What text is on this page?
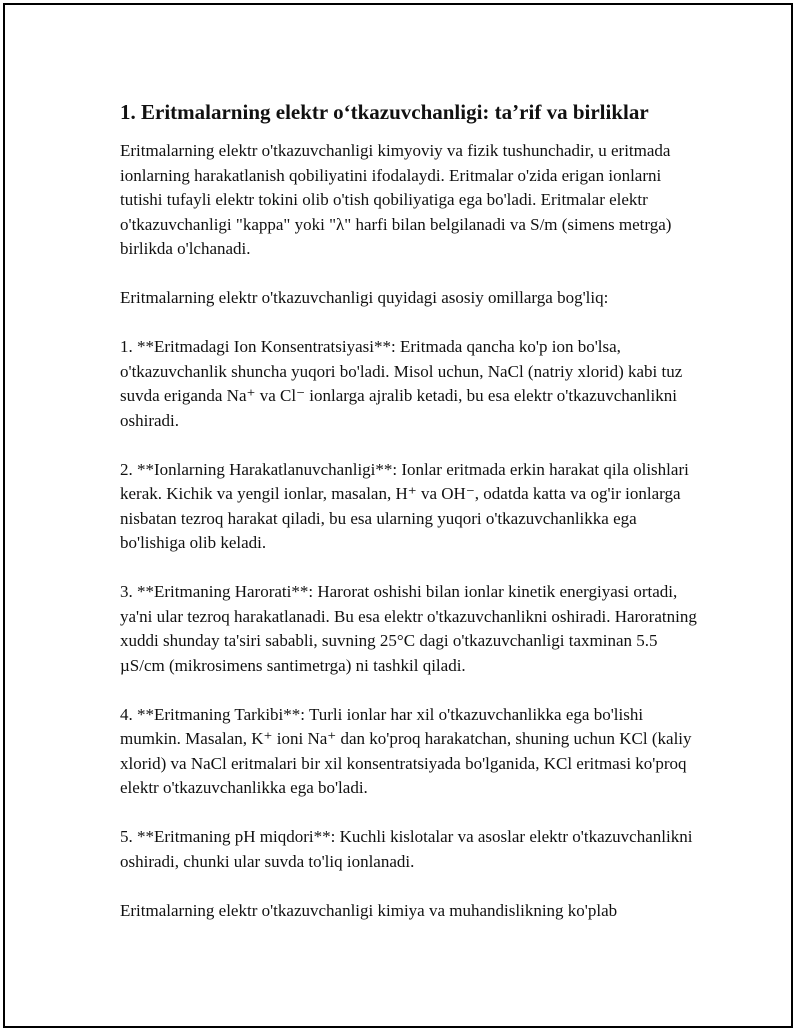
1. Eritmalarning elektr o‘tkazuvchanligi: ta’rif va birliklar

Eritmalarning elektr o'tkazuvchanligi kimyoviy va fizik tushunchadir, u eritmada ionlarning harakatlanish qobiliyatini ifodalaydi. Eritmalar o'zida erigan ionlarni tutishi tufayli elektr tokini olib o'tish qobiliyatiga ega bo'ladi. Eritmalar elektr o'tkazuvchanligi "kappa" yoki "λ" harfi bilan belgilanadi va S/m (simens metrga) birlikda o'lchanadi.

Eritmalarning elektr o'tkazuvchanligi quyidagi asosiy omillarga bog'liq:

1. **Eritmadagi Ion Konsentratsiyasi**: Eritmada qancha ko'p ion bo'lsa, o'tkazuvchanlik shuncha yuqori bo'ladi. Misol uchun, NaCl (natriy xlorid) kabi tuz suvda eriganda Na⁺ va Cl⁻ ionlarga ajralib ketadi, bu esa elektr o'tkazuvchanlikni oshiradi.

2. **Ionlarning Harakatlanuvchanligi**: Ionlar eritmada erkin harakat qila olishlari kerak. Kichik va yengil ionlar, masalan, H⁺ va OH⁻, odatda katta va og'ir ionlarga nisbatan tezroq harakat qiladi, bu esa ularning yuqori o'tkazuvchanlikka ega bo'lishiga olib keladi.

3. **Eritmaning Harorati**: Harorat oshishi bilan ionlar kinetik energiyasi ortadi, ya'ni ular tezroq harakatlanadi. Bu esa elektr o'tkazuvchanlikni oshiradi. Haroratning xuddi shunday ta'siri sababli, suvning 25°C dagi o'tkazuvchanligi taxminan 5.5 µS/cm (mikrosimens santimetrga) ni tashkil qiladi.

4. **Eritmaning Tarkibi**: Turli ionlar har xil o'tkazuvchanlikka ega bo'lishi mumkin. Masalan, K⁺ ioni Na⁺ dan ko'proq harakatchan, shuning uchun KCl (kaliy xlorid) va NaCl eritmalari bir xil konsentratsiyada bo'lganida, KCl eritmasi ko'proq elektr o'tkazuvchanlikka ega bo'ladi.

5. **Eritmaning pH miqdori**: Kuchli kislotalar va asoslar elektr o'tkazuvchanlikni oshiradi, chunki ular suvda to'liq ionlanadi.

Eritmalarning elektr o'tkazuvchanligi kimiya va muhandislikning ko'plab
